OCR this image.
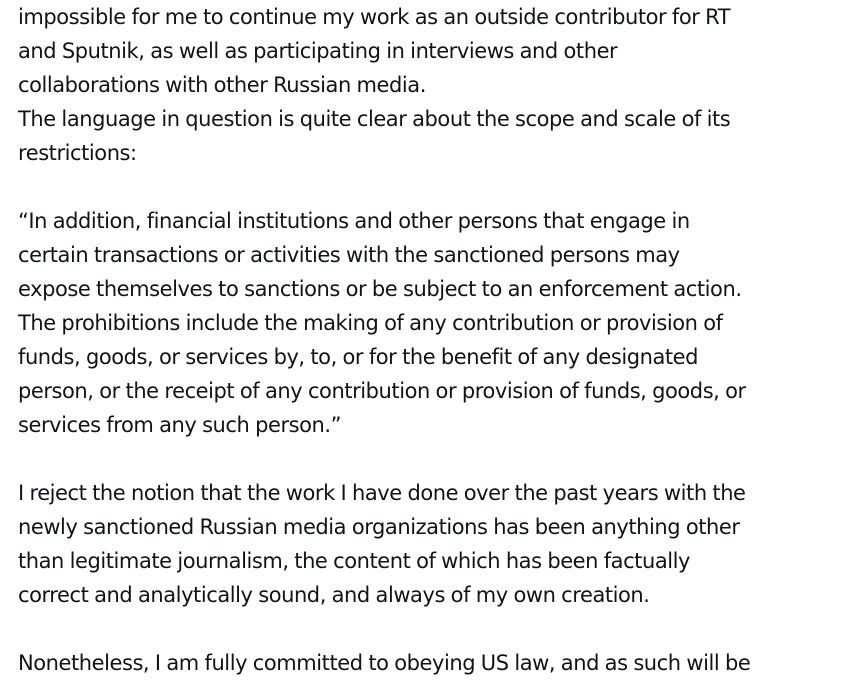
impossible for me to continue my work as an outside contributor for RT
and Sputnik, as well as participating in interviews and other
collaborations with other Russian media.
The language in question is quite clear about the scope and scale of its
restrictions:
“In addition, financial institutions and other persons that engage in
certain transactions or activities with the sanctioned persons may
expose themselves to sanctions or be subject to an enforcement action.
The prohibitions include the making of any contribution or provision of
funds, goods, or services by, to, or for the benefit of any designated
person, or the receipt of any contribution or provision of funds, goods, or
services from any such person.”
I reject the notion that the work I have done over the past years with the
newly sanctioned Russian media organizations has been anything other
than legitimate journalism, the content of which has been factually
correct and analytically sound, and always of my own creation.
Nonetheless, I am fully committed to obeying US law, and as such will be
